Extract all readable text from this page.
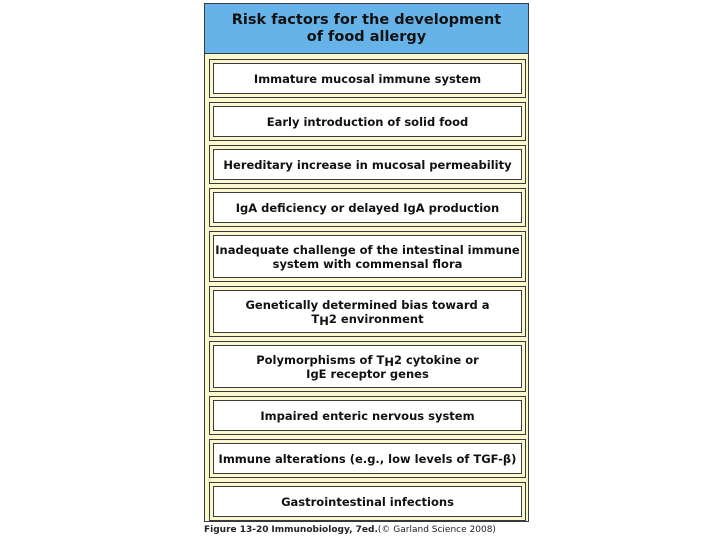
Risk factors for the development
of food allergy
Immature mucosal immune system
Early introduction of solid food
Hereditary increase in mucosal permeability
IgA deficiency or delayed IgA production
Inadequate challenge of the intestinal immune
system with commensal flora
Genetically determined bias toward a
TH2 environment
Polymorphisms of TH2 cytokine or
IgE receptor genes
Impaired enteric nervous system
Immune alterations (e.g., low levels of TGF-β)
Gastrointestinal infections
Figure 13-20 Immunobiology, 7ed.(© Garland Science 2008)
